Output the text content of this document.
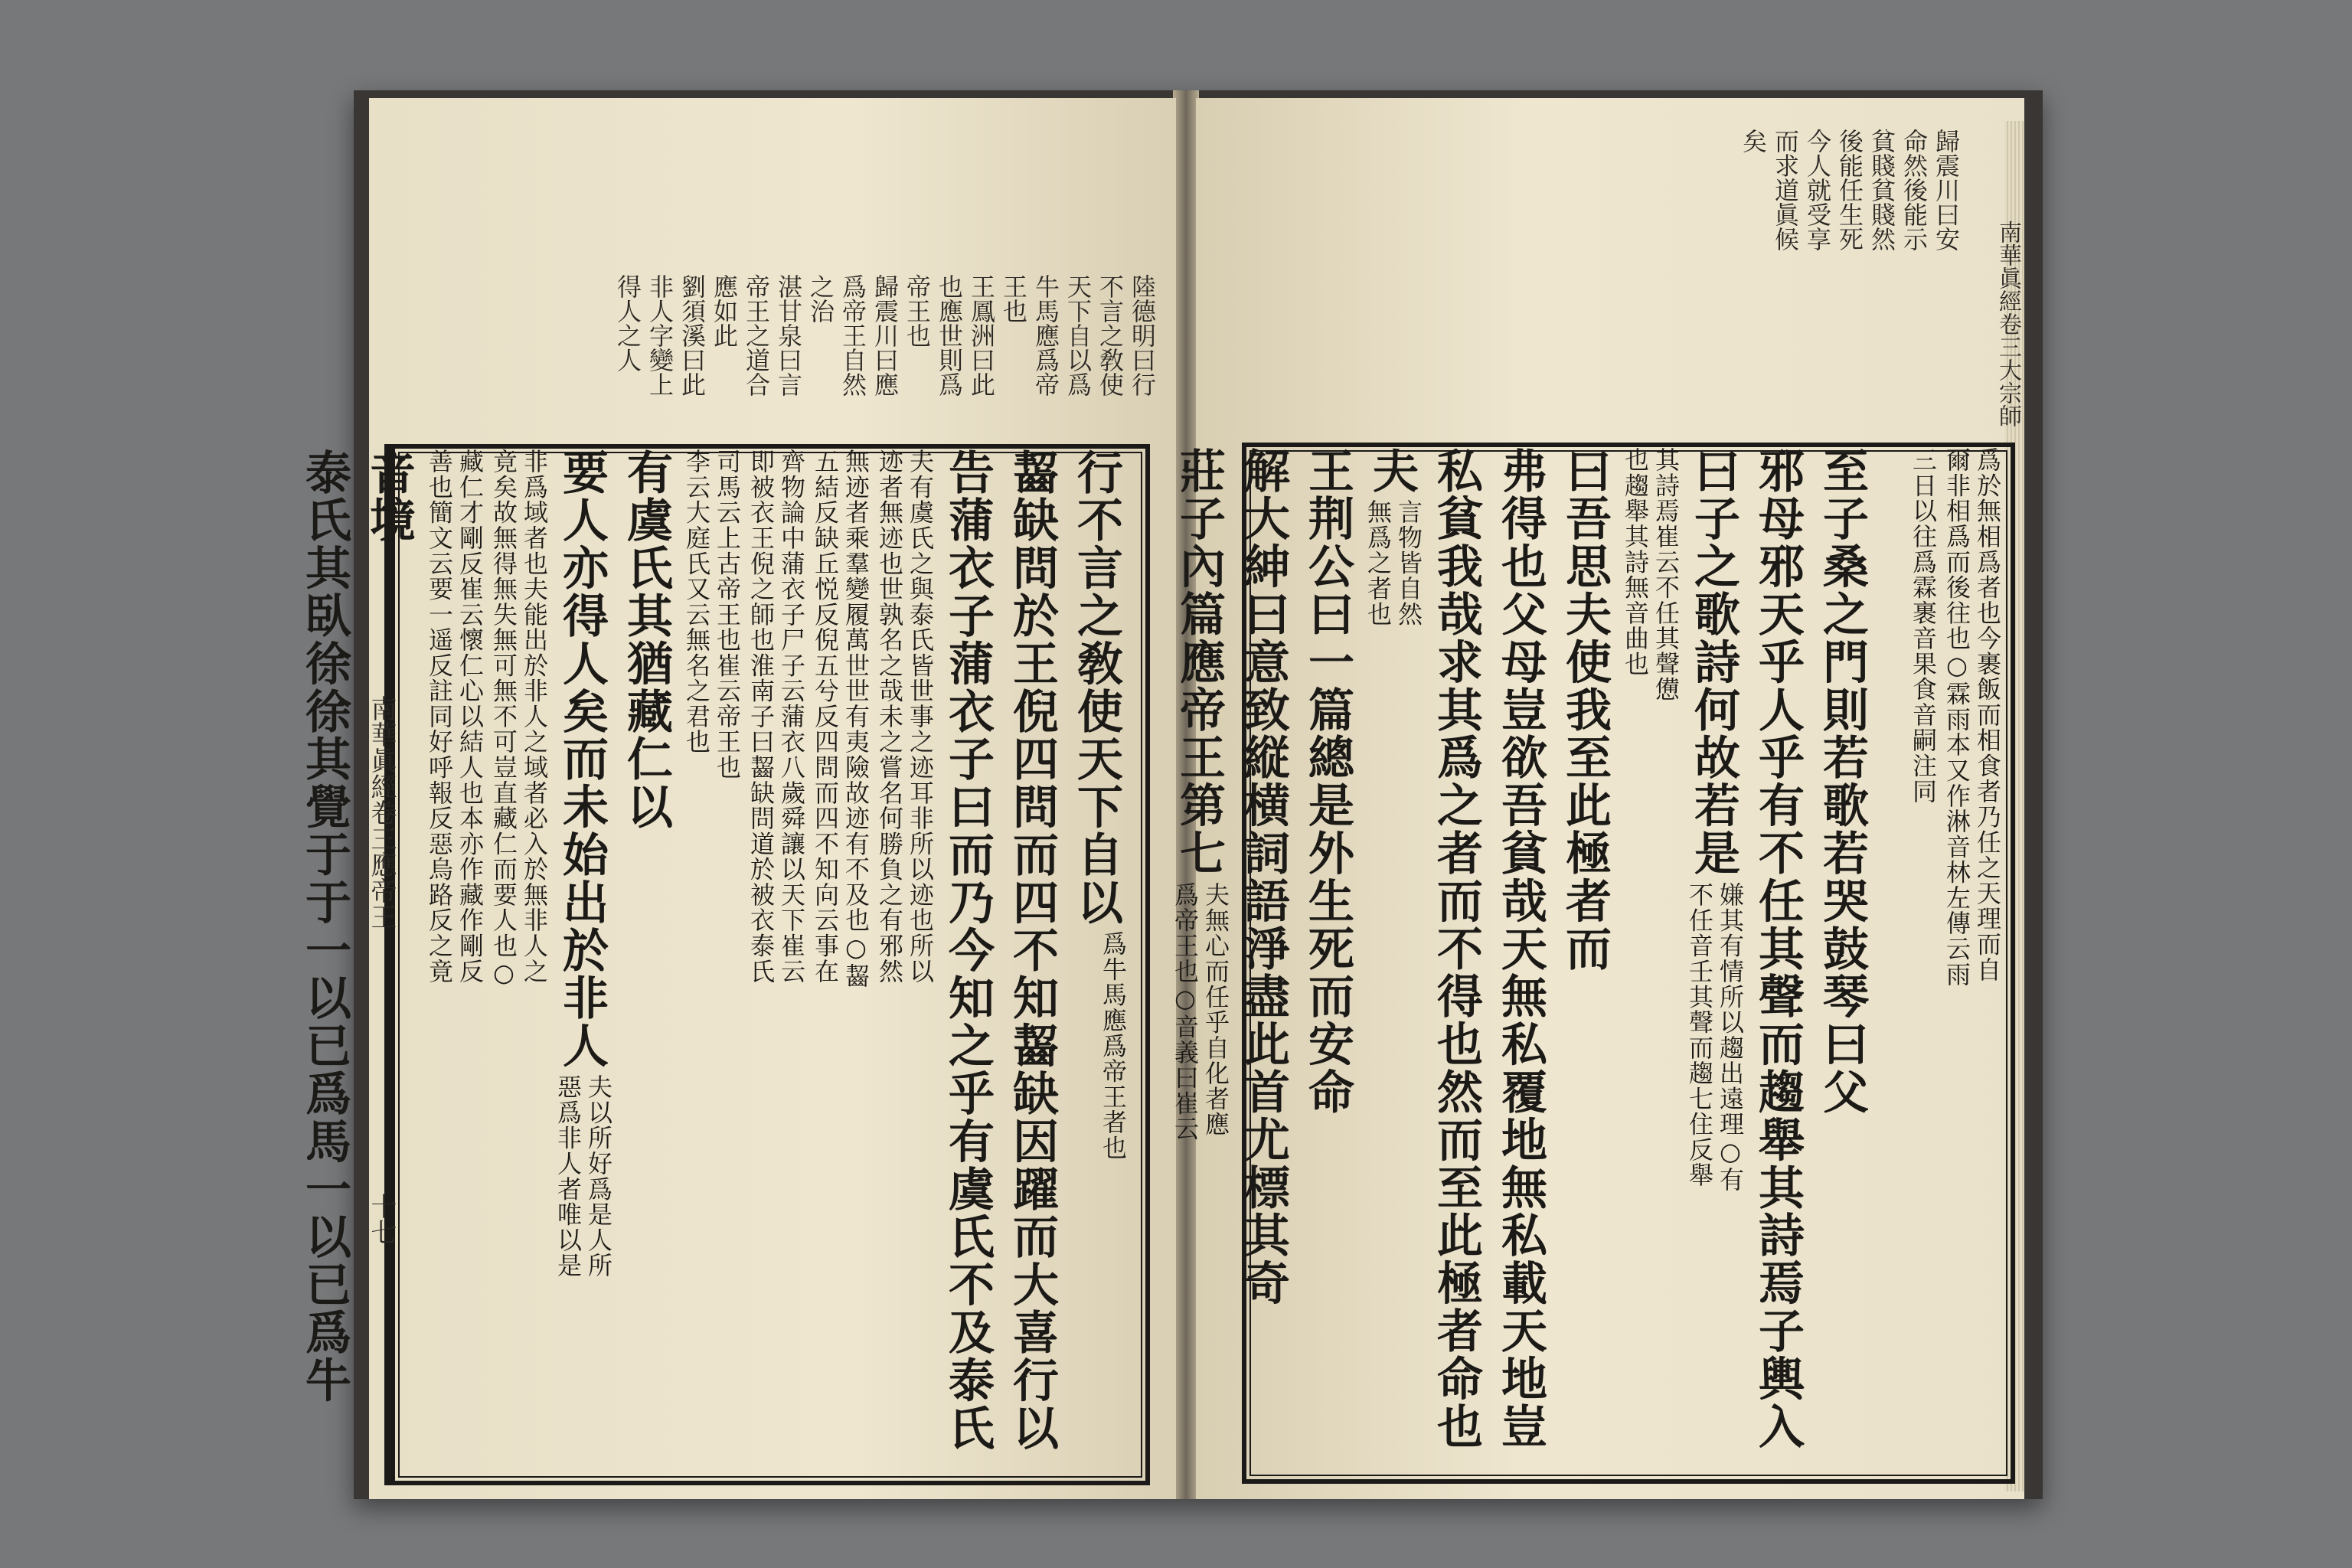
陸德明曰行
不言之敎使
天下自以爲
牛馬應爲帝
王也
王鳳洲曰此
也應世則爲
帝王也
歸震川曰應
爲帝王自然
之治
湛甘泉曰言
帝王之道合
應如此
劉須溪曰此
非人字變上
得人之人
行不言之敎使天下自以
爲牛馬應爲帝王者也
齧缺問於王倪四問而四不知齧缺因躍而大喜行以
告蒲衣子蒲衣子曰而乃今知之乎有虞氏不及泰氏
夫有虞氏之與泰氏皆世事之迹耳非所以迹也所以
迹者無迹也世孰名之哉未之嘗名何勝負之有邪然
無迹者乘羣變履萬世世有夷險故迹有不及也○齧
五結反缺丘悦反倪五兮反四問而四不知向云事在
齊物論中蒲衣子尸子云蒲衣八歲舜讓以天下崔云
即被衣王倪之師也淮南子曰齧缺問道於被衣泰氏
司馬云上古帝王也崔云帝王也
李云大庭氏又云無名之君也
有虞氏其猶藏仁以
要人亦得人矣而未始出於非人
夫以所好爲是人所
惡爲非人者唯以是
非爲域者也夫能出於非人之域者必入於無非人之
竟矣故無得無失無可無不可豈直藏仁而要人也○
藏仁才剛反崔云懷仁心以結人也本亦作藏作剛反
善也簡文云要一遥反註同好呼報反惡烏路反之竟
音境
泰氏其臥徐徐其覺于于一以已爲馬一以已爲牛 南華眞經卷三應帝王
十七
歸震川曰安
命然後能示
貧賤貧賤然
後能任生死
今人就受享
而求道眞候
矣
爲於無相爲者也今裹飯而相食者乃任之天理而自
爾非相爲而後往也○霖雨本又作淋音林左傳云雨
三日以往爲霖裹音果食音嗣注同
至子桑之門則若歌若哭鼓琴曰父
邪母邪天乎人乎有不任其聲而趨舉其詩焉子輿入
曰子之歌詩何故若是
嫌其有情所以趨出遠理○有
不任音壬其聲而趨七住反舉
其詩焉崔云不任其聲憊
也趨舉其詩無音曲也
曰吾思夫使我至此極者而
弗得也父母豈欲吾貧哉天無私覆地無私載天地豈
私貧我哉求其爲之者而不得也然而至此極者命也
夫
言物皆自然
無爲之者也
王荆公曰一篇總是外生死而安命
解大紳曰意致縦横詞語淨盡此首尤標其奇
莊子內篇應帝王第七
夫無心而任乎自化者應
爲帝王也○音義曰崔云
南華眞經卷三大宗師
